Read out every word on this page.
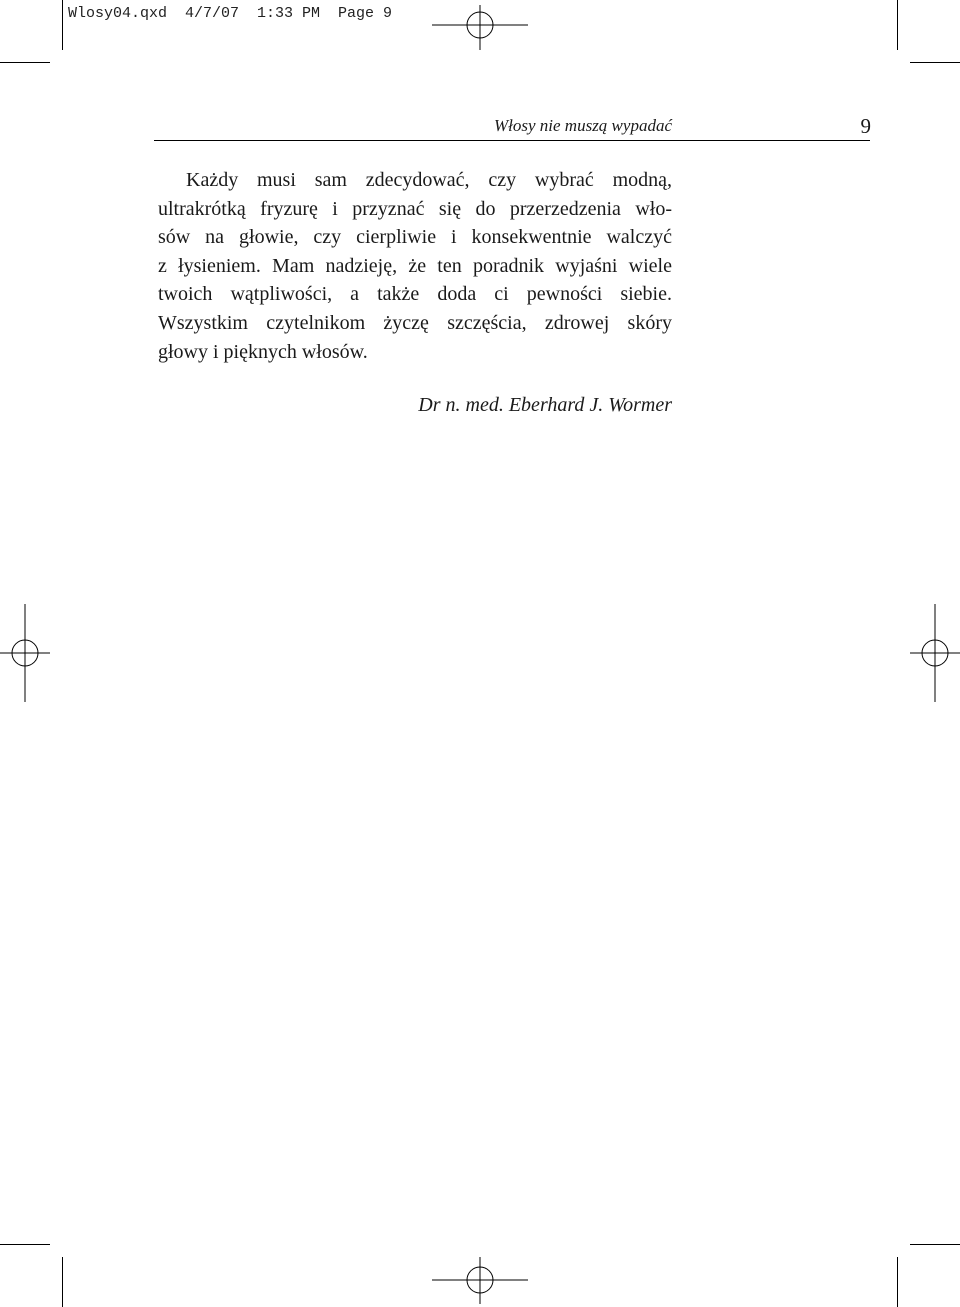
Wlosy04.qxd  4/7/07  1:33 PM  Page 9
Włosy nie muszą wypadać	9
Każdy musi sam zdecydować, czy wybrać modną,
ultrakrótką fryzurę i przyznać się do przerzedzenia wło-
sów na głowie, czy cierpliwie i konsekwentnie walczyć
z łysieniem. Mam nadzieję, że ten poradnik wyjaśni wiele
twoich wątpliwości, a także doda ci pewności siebie.
Wszystkim czytelnikom życzę szczęścia, zdrowej skóry
głowy i pięknych włosów.
Dr n. med. Eberhard J. Wormer
